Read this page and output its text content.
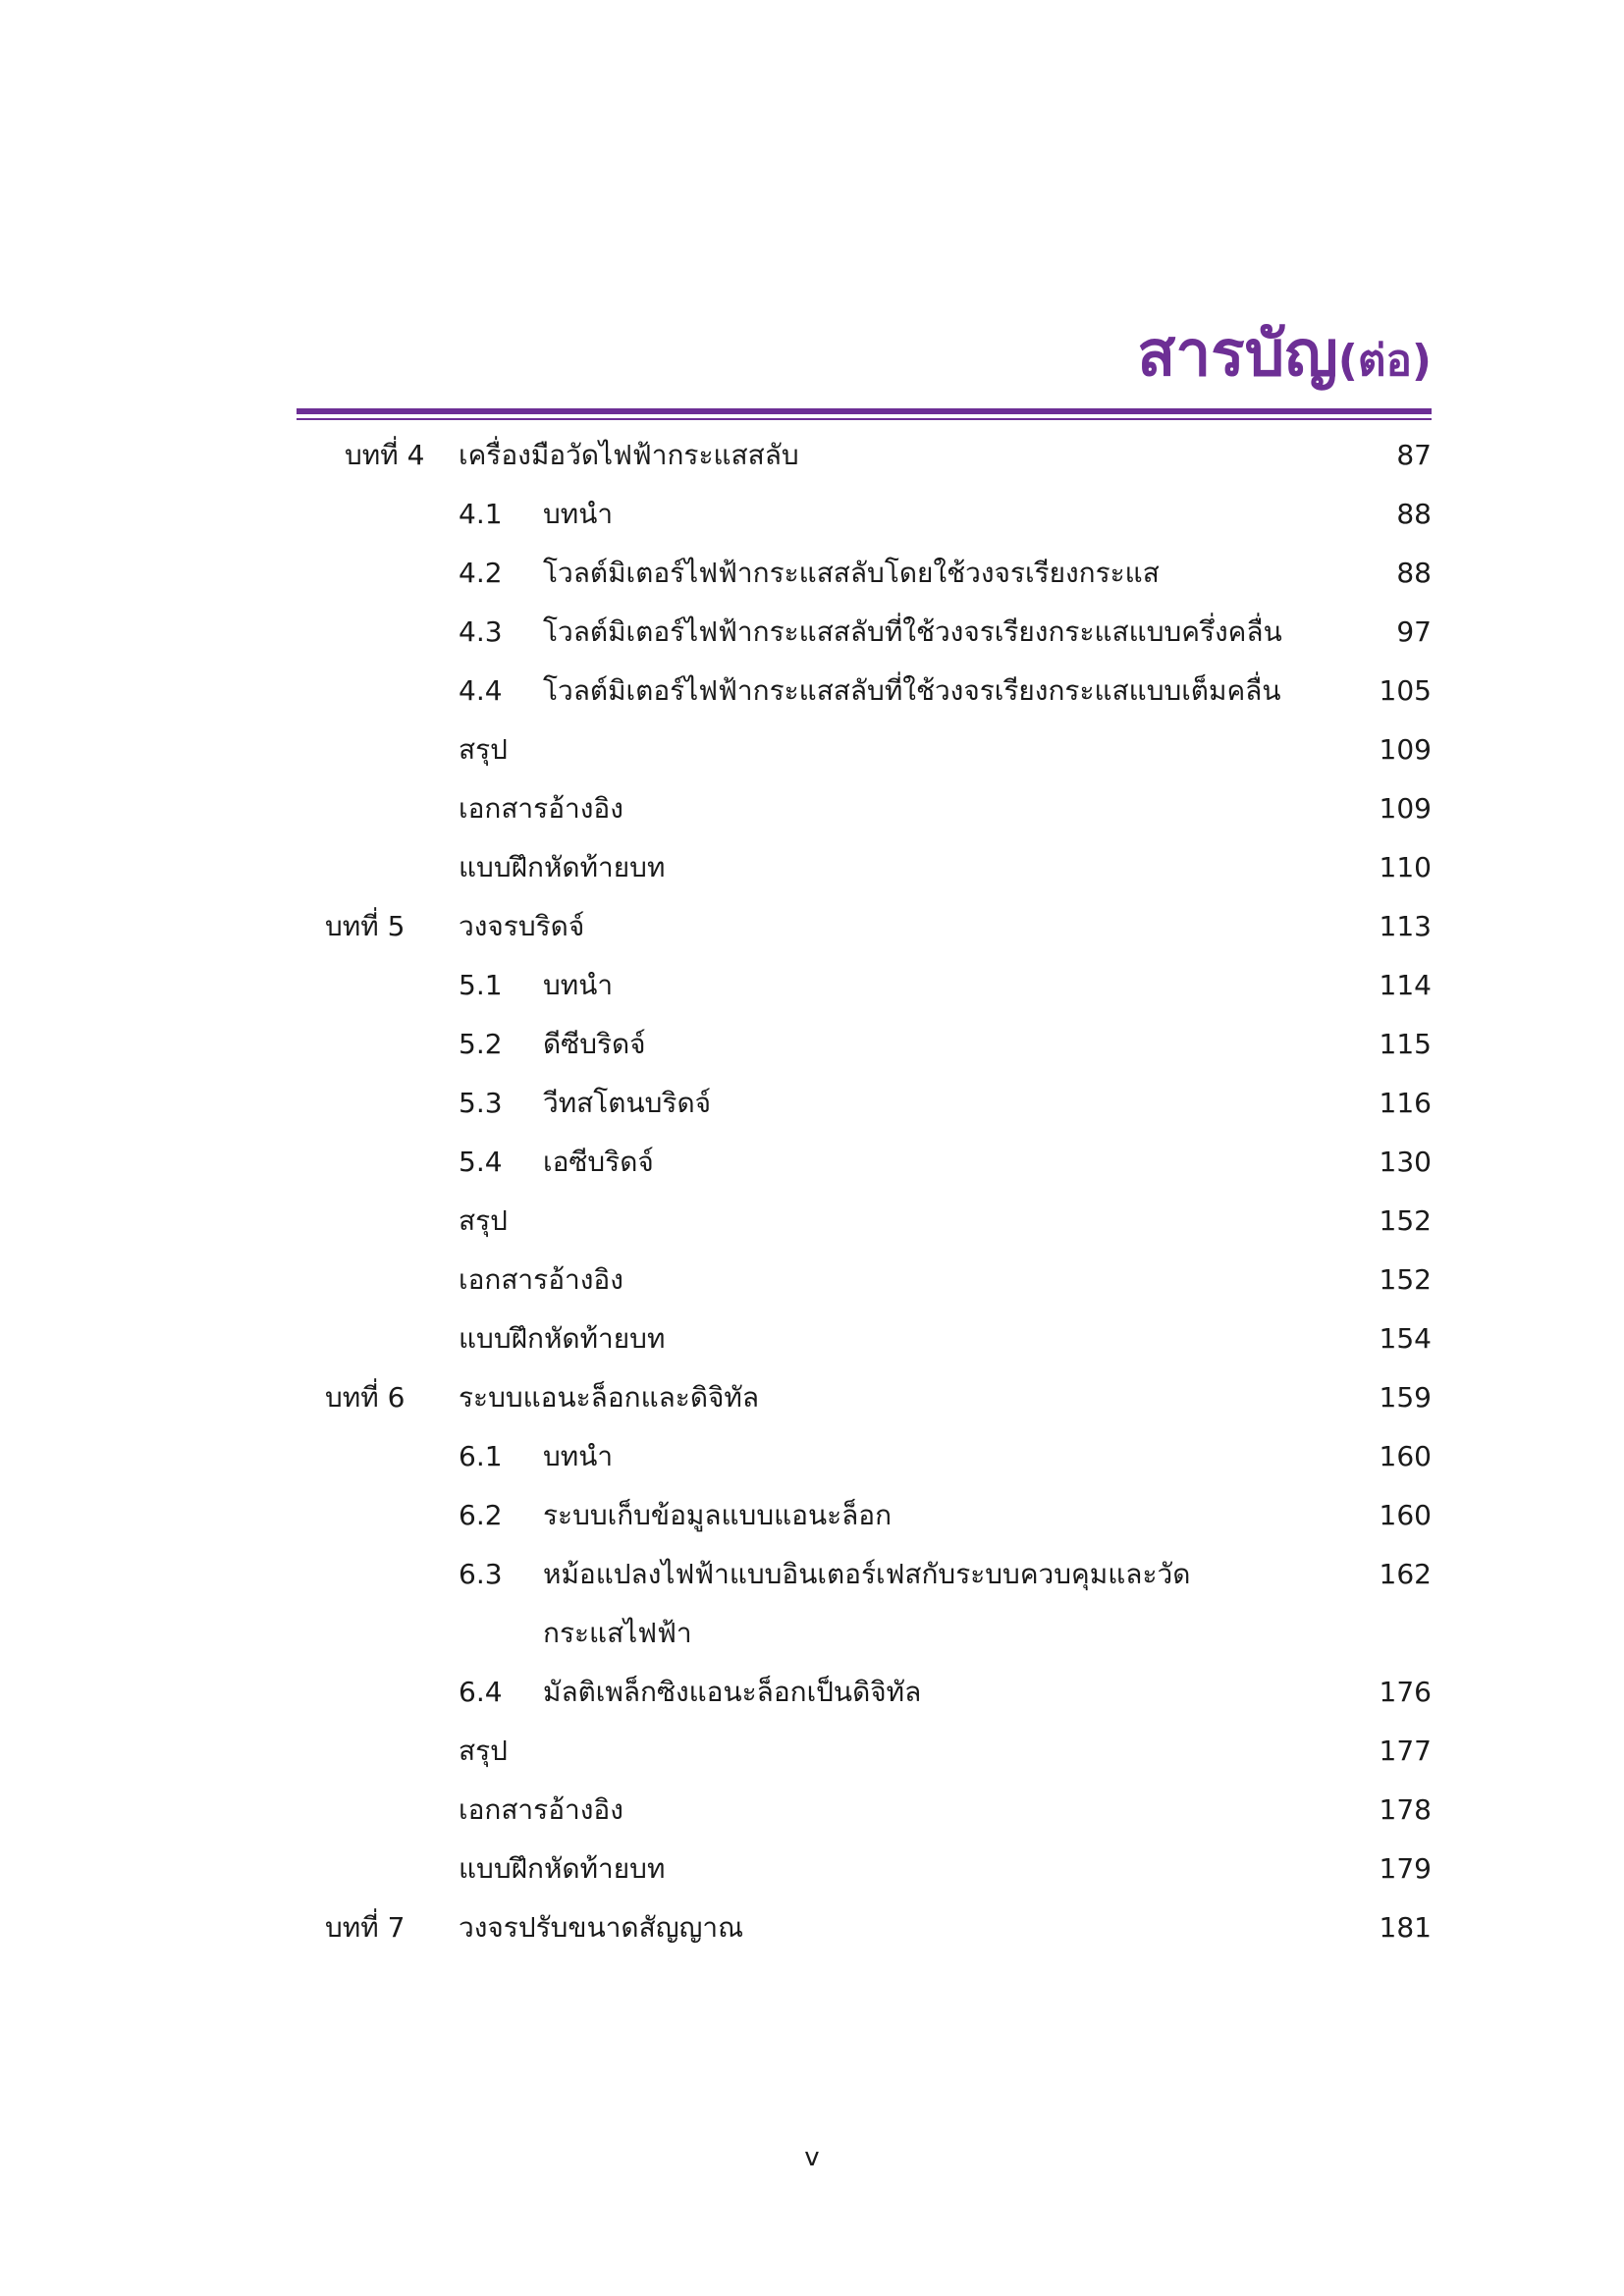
สารบัญ(ต่อ)
บทที่ 4	เครื่องมือวัดไฟฟ้ากระแสสลับ	87
4.1	บทนำ	88
4.2	โวลต์มิเตอร์ไฟฟ้ากระแสสลับโดยใช้วงจรเรียงกระแส	88
4.3	โวลต์มิเตอร์ไฟฟ้ากระแสสลับที่ใช้วงจรเรียงกระแสแบบครึ่งคลื่น	97
4.4	โวลต์มิเตอร์ไฟฟ้ากระแสสลับที่ใช้วงจรเรียงกระแสแบบเต็มคลื่น	105
สรุป	109
เอกสารอ้างอิง	109
แบบฝึกหัดท้ายบท	110
บทที่ 5	วงจรบริดจ์	113
5.1	บทนำ	114
5.2	ดีซีบริดจ์	115
5.3	วีทสโตนบริดจ์	116
5.4	เอซีบริดจ์	130
สรุป	152
เอกสารอ้างอิง	152
แบบฝึกหัดท้ายบท	154
บทที่ 6	ระบบแอนะล็อกและดิจิทัล	159
6.1	บทนำ	160
6.2	ระบบเก็บข้อมูลแบบแอนะล็อก	160
6.3	หม้อแปลงไฟฟ้าแบบอินเตอร์เฟสกับระบบควบคุมและวัด	162
กระแสไฟฟ้า
6.4	มัลติเพล็กซิงแอนะล็อกเป็นดิจิทัล	176
สรุป	177
เอกสารอ้างอิง	178
แบบฝึกหัดท้ายบท	179
บทที่ 7	วงจรปรับขนาดสัญญาณ	181
v
